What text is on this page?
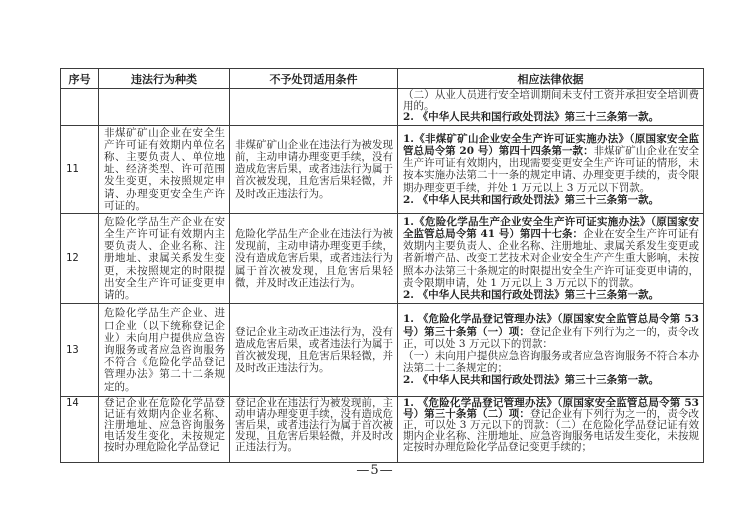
序号	违法行为种类	不予处罚适用条件	相应法律依据

			（二）从业人员进行安全培训期间未支付工资并承担安全培训费用的。
2. 《中华人民共和国行政处罚法》第三十三条第一款。

11	非煤矿矿山企业在安全生产许可证有效期内单位名称、主要负责人、单位地址、经济类型、许可范围发生变更，未按照规定申请、办理变更安全生产许可证的。	非煤矿矿山企业在违法行为被发现前，主动申请办理变更手续，没有造成危害后果，或者违法行为属于首次被发现，且危害后果轻微，并及时改正违法行为。	1.《非煤矿矿山企业安全生产许可证实施办法》（原国家安全监管总局令第 20 号）第四十四条第一款：非煤矿矿山企业在安全生产许可证有效期内，出现需要变更安全生产许可证的情形，未按本实施办法第二十一条的规定申请、办理变更手续的，责令限期办理变更手续，并处 1 万元以上 3 万元以下罚款。
2. 《中华人民共和国行政处罚法》第三十三条第一款。

12	危险化学品生产企业在安全生产许可证有效期内主要负责人、企业名称、注册地址、隶属关系发生变更，未按照规定的时限提出安全生产许可证变更申请的。	危险化学品生产企业在违法行为被发现前，主动申请办理变更手续，没有造成危害后果，或者违法行为属于首次被发现，且危害后果轻微，并及时改正违法行为。	1.《危险化学品生产企业安全生产许可证实施办法》（原国家安全监管总局令第 41 号）第四十七条：企业在安全生产许可证有效期内主要负责人、企业名称、注册地址、隶属关系发生变更或者新增产品、改变工艺技术对企业安全生产产生重大影响，未按照本办法第三十条规定的时限提出安全生产许可证变更申请的，责令限期申请，处 1 万元以上 3 万元以下的罚款。
2. 《中华人民共和国行政处罚法》第三十三条第一款。

13	危险化学品生产企业、进口企业（以下统称登记企业）未向用户提供应急咨询服务或者应急咨询服务不符合《危险化学品登记管理办法》第二十二条规定的。	登记企业主动改正违法行为，没有造成危害后果，或者违法行为属于首次被发现，且危害后果轻微，并及时改正违法行为。	1. 《危险化学品登记管理办法》（原国家安全监管总局令第 53 号）第三十条第（一）项：登记企业有下列行为之一的，责令改正，可以处 3 万元以下的罚款：
（一）未向用户提供应急咨询服务或者应急咨询服务不符合本办法第二十二条规定的；
2. 《中华人民共和国行政处罚法》第三十三条第一款。

14	登记企业在危险化学品登记证有效期内企业名称、注册地址、应急咨询服务电话发生变化，未按规定按时办理危险化学品登记	登记企业在违法行为被发现前，主动申请办理变更手续，没有造成危害后果，或者违法行为属于首次被发现，且危害后果轻微，并及时改正违法行为。	1. 《危险化学品登记管理办法》（原国家安全监管总局令第 53 号）第三十条第（二）项：登记企业有下列行为之一的，责令改正，可以处 3 万元以下的罚款：（二）在危险化学品登记证有效期内企业名称、注册地址、应急咨询服务电话发生变化，未按规定按时办理危险化学品登记变更手续的；
—5—
